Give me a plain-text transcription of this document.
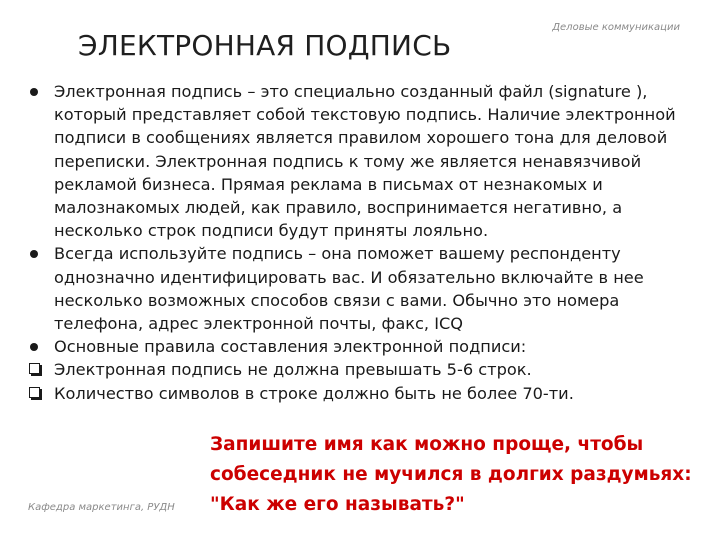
ЭЛЕКТРОННАЯ ПОДПИСЬ
Деловые коммуникации
Электронная подпись – это специально созданный файл (signature ), который представляет собой текстовую подпись. Наличие электронной подписи в сообщениях является правилом хорошего тона для деловой переписки. Электронная подпись к тому же является ненавязчивой рекламой бизнеса. Прямая реклама в письмах от незнакомых и малознакомых людей, как правило, воспринимается негативно, а несколько строк подписи будут приняты лояльно.
Всегда используйте подпись – она поможет вашему респонденту однозначно идентифицировать вас. И обязательно включайте в нее несколько возможных способов связи с вами. Обычно это номера телефона, адрес электронной почты, факс, ICQ
Основные правила составления электронной подписи:
Электронная подпись не должна превышать 5-6 строк.
Количество символов в строке должно быть не более 70-ти.
Запишите имя как можно проще, чтобы собеседник не мучился в долгих раздумьях: "Как же его называть?"
Кафедра маркетинга, РУДН
